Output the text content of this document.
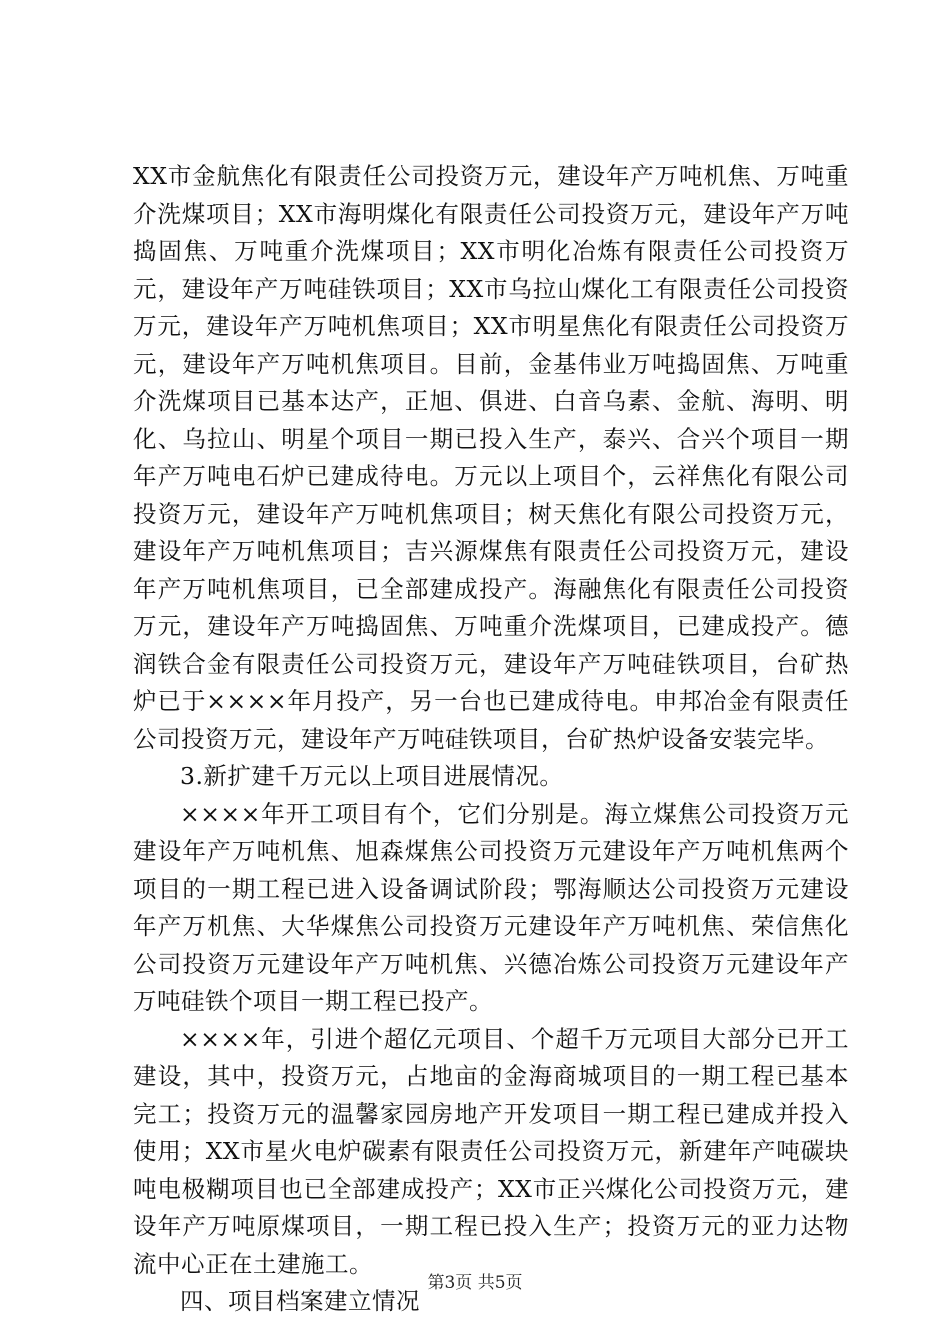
XX市金航焦化有限责任公司投资万元，建设年产万吨机焦、万吨重介洗煤项目；XX市海明煤化有限责任公司投资万元，建设年产万吨捣固焦、万吨重介洗煤项目；XX市明化冶炼有限责任公司投资万元，建设年产万吨硅铁项目；XX市乌拉山煤化工有限责任公司投资万元，建设年产万吨机焦项目；XX市明星焦化有限责任公司投资万元，建设年产万吨机焦项目。目前，金基伟业万吨捣固焦、万吨重介洗煤项目已基本达产，正旭、俱进、白音乌素、金航、海明、明化、乌拉山、明星个项目一期已投入生产，泰兴、合兴个项目一期年产万吨电石炉已建成待电。万元以上项目个，云祥焦化有限公司投资万元，建设年产万吨机焦项目；树天焦化有限公司投资万元，建设年产万吨机焦项目；吉兴源煤焦有限责任公司投资万元，建设年产万吨机焦项目，已全部建成投产。海融焦化有限责任公司投资万元，建设年产万吨捣固焦、万吨重介洗煤项目，已建成投产。德润铁合金有限责任公司投资万元，建设年产万吨硅铁项目，台矿热炉已于××××年月投产，另一台也已建成待电。申邦冶金有限责任公司投资万元，建设年产万吨硅铁项目，台矿热炉设备安装完毕。

3.新扩建千万元以上项目进展情况。

××××年开工项目有个，它们分别是。海立煤焦公司投资万元建设年产万吨机焦、旭森煤焦公司投资万元建设年产万吨机焦两个项目的一期工程已进入设备调试阶段；鄂海顺达公司投资万元建设年产万机焦、大华煤焦公司投资万元建设年产万吨机焦、荣信焦化公司投资万元建设年产万吨机焦、兴德冶炼公司投资万元建设年产万吨硅铁个项目一期工程已投产。

××××年，引进个超亿元项目、个超千万元项目大部分已开工建设，其中，投资万元，占地亩的金海商城项目的一期工程已基本完工；投资万元的温馨家园房地产开发项目一期工程已建成并投入使用；XX市星火电炉碳素有限责任公司投资万元，新建年产吨碳块吨电极糊项目也已全部建成投产；XX市正兴煤化公司投资万元，建设年产万吨原煤项目，一期工程已投入生产；投资万元的亚力达物流中心正在土建施工。

四、项目档案建立情况

第3页 共5页
